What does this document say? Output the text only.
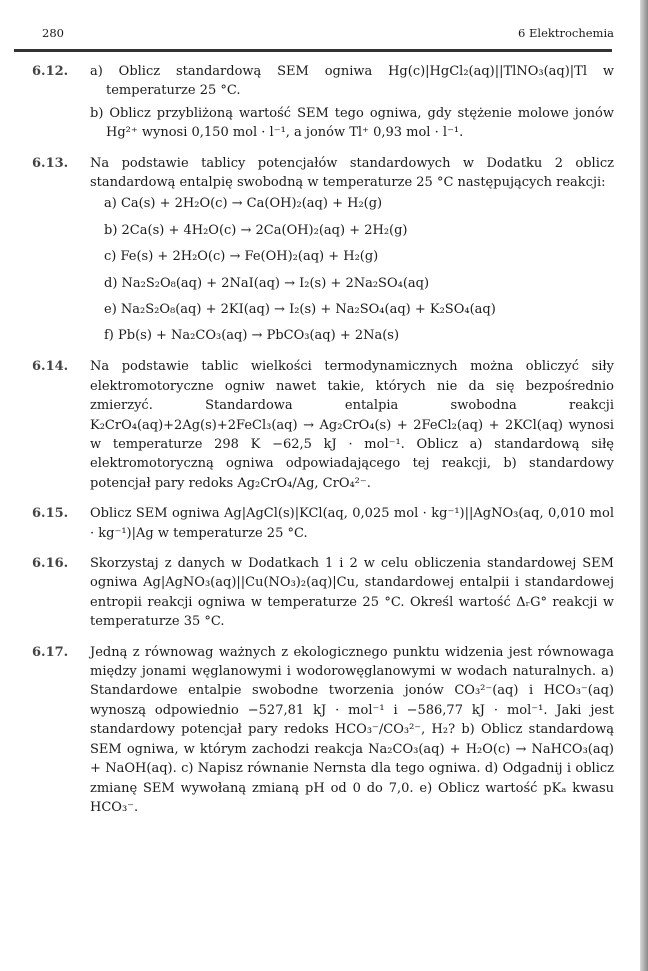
280	6 Elektrochemia
6.12. a) Oblicz standardową SEM ogniwa Hg(c)|HgCl₂(aq)||TlNO₃(aq)|Tl w temperaturze 25 °C.
b) Oblicz przybliżoną wartość SEM tego ogniwa, gdy stężenie molowe jonów Hg²⁺ wynosi 0,150 mol · l⁻¹, a jonów Tl⁺ 0,93 mol · l⁻¹.
6.13. Na podstawie tablicy potencjałów standardowych w Dodatku 2 oblicz standardową entalpię swobodną w temperaturze 25 °C następujących reakcji:
a) Ca(s) + 2H₂O(c) → Ca(OH)₂(aq) + H₂(g)
b) 2Ca(s) + 4H₂O(c) → 2Ca(OH)₂(aq) + 2H₂(g)
c) Fe(s) + 2H₂O(c) → Fe(OH)₂(aq) + H₂(g)
d) Na₂S₂O₈(aq) + 2NaI(aq) → I₂(s) + 2Na₂SO₄(aq)
e) Na₂S₂O₈(aq) + 2KI(aq) → I₂(s) + Na₂SO₄(aq) + K₂SO₄(aq)
f) Pb(s) + Na₂CO₃(aq) → PbCO₃(aq) + 2Na(s)
6.14. Na podstawie tablic wielkości termodynamicznych można obliczyć siły elektromotoryczne ogniw nawet takie, których nie da się bezpośrednio zmierzyć. Standardowa entalpia swobodna reakcji K₂CrO₄(aq)+2Ag(s)+2FeCl₃(aq) → Ag₂CrO₄(s) + 2FeCl₂(aq) + 2KCl(aq) wynosi w temperaturze 298 K −62,5 kJ · mol⁻¹. Oblicz a) standardową siłę elektromotoryczną ogniwa odpowiadającego tej reakcji, b) standardowy potencjał pary redoks Ag₂CrO₄/Ag, CrO₄²⁻.
6.15. Oblicz SEM ogniwa Ag|AgCl(s)|KCl(aq, 0,025 mol · kg⁻¹)||AgNO₃(aq, 0,010 mol · kg⁻¹)|Ag w temperaturze 25 °C.
6.16. Skorzystaj z danych w Dodatkach 1 i 2 w celu obliczenia standardowej SEM ogniwa Ag|AgNO₃(aq)||Cu(NO₃)₂(aq)|Cu, standardowej entalpii i standardowej entropii reakcji ogniwa w temperaturze 25 °C. Określ wartość ΔᵣG° reakcji w temperaturze 35 °C.
6.17. Jedną z równowag ważnych z ekologicznego punktu widzenia jest równowaga między jonami węglanowymi i wodorowęglanowymi w wodach naturalnych. a) Standardowe entalpie swobodne tworzenia jonów CO₃²⁻(aq) i HCO₃⁻(aq) wynoszą odpowiednio −527,81 kJ · mol⁻¹ i −586,77 kJ · mol⁻¹. Jaki jest standardowy potencjał pary redoks HCO₃⁻/CO₃²⁻, H₂? b) Oblicz standardową SEM ogniwa, w którym zachodzi reakcja Na₂CO₃(aq) + H₂O(c) → NaHCO₃(aq) + NaOH(aq). c) Napisz równanie Nernsta dla tego ogniwa. d) Odgadnij i oblicz zmianę SEM wywołaną zmianą pH od 0 do 7,0. e) Oblicz wartość pKₐ kwasu HCO₃⁻.
